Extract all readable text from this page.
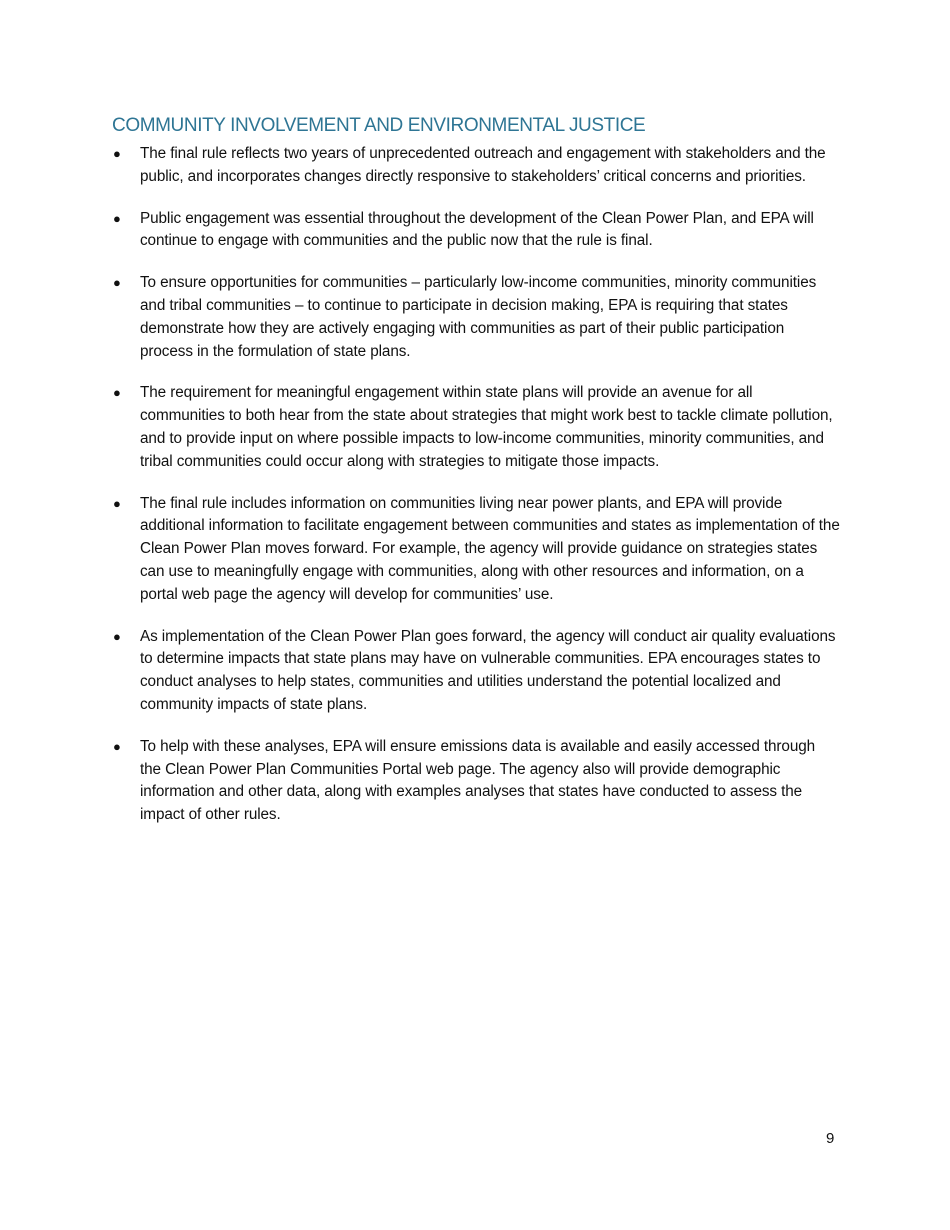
COMMUNITY INVOLVEMENT AND ENVIRONMENTAL JUSTICE
● The final rule reflects two years of unprecedented outreach and engagement with stakeholders and the public, and incorporates changes directly responsive to stakeholders’ critical concerns and priorities.
● Public engagement was essential throughout the development of the Clean Power Plan, and EPA will continue to engage with communities and the public now that the rule is final.
● To ensure opportunities for communities – particularly low-income communities, minority communities and tribal communities – to continue to participate in decision making, EPA is requiring that states demonstrate how they are actively engaging with communities as part of their public participation process in the formulation of state plans.
● The requirement for meaningful engagement within state plans will provide an avenue for all communities to both hear from the state about strategies that might work best to tackle climate pollution, and to provide input on where possible impacts to low-income communities, minority communities, and tribal communities could occur along with strategies to mitigate those impacts.
● The final rule includes information on communities living near power plants, and EPA will provide additional information to facilitate engagement between communities and states as implementation of the Clean Power Plan moves forward. For example, the agency will provide guidance on strategies states can use to meaningfully engage with communities, along with other resources and information, on a portal web page the agency will develop for communities’ use.
● As implementation of the Clean Power Plan goes forward, the agency will conduct air quality evaluations to determine impacts that state plans may have on vulnerable communities. EPA encourages states to conduct analyses to help states, communities and utilities understand the potential localized and community impacts of state plans.
● To help with these analyses, EPA will ensure emissions data is available and easily accessed through the Clean Power Plan Communities Portal web page. The agency also will provide demographic information and other data, along with examples analyses that states have conducted to assess the impact of other rules.
9
